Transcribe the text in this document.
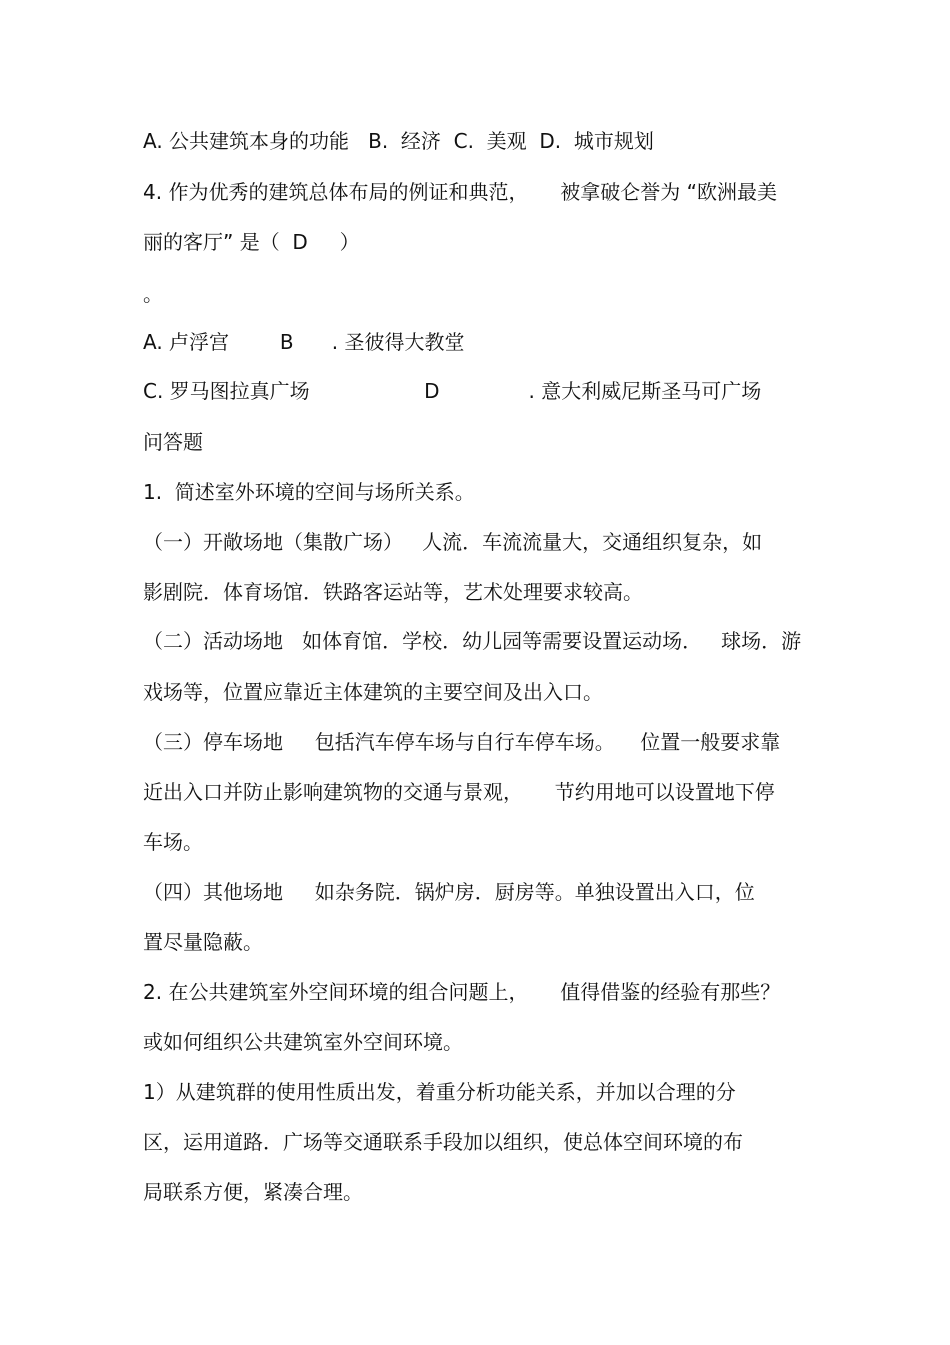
A. 公共建筑本身的功能   B.  经济  C.  美观  D.  城市规划
4. 作为优秀的建筑总体布局的例证和典范，     被拿破仑誉为 “欧洲最美
丽的客厅” 是（  D     ）
。
A. 卢浮宫        B      . 圣彼得大教堂
C. 罗马图拉真广场                  D              . 意大利威尼斯圣马可广场
问答题
1.  简述室外环境的空间与场所关系。
（一）开敞场地（集散广场）   人流．车流流量大，交通组织复杂，如
影剧院．体育场馆．铁路客运站等，艺术处理要求较高。
（二）活动场地   如体育馆．学校．幼儿园等需要设置运动场．   球场．游
戏场等，位置应靠近主体建筑的主要空间及出入口。
（三）停车场地     包括汽车停车场与自行车停车场。    位置一般要求靠
近出入口并防止影响建筑物的交通与景观，     节约用地可以设置地下停
车场。
（四）其他场地     如杂务院．锅炉房．厨房等。单独设置出入口，位
置尽量隐蔽。
2. 在公共建筑室外空间环境的组合问题上，     值得借鉴的经验有那些？
或如何组织公共建筑室外空间环境。
1）从建筑群的使用性质出发，着重分析功能关系，并加以合理的分
区，运用道路．广场等交通联系手段加以组织，使总体空间环境的布
局联系方便，紧凑合理。
